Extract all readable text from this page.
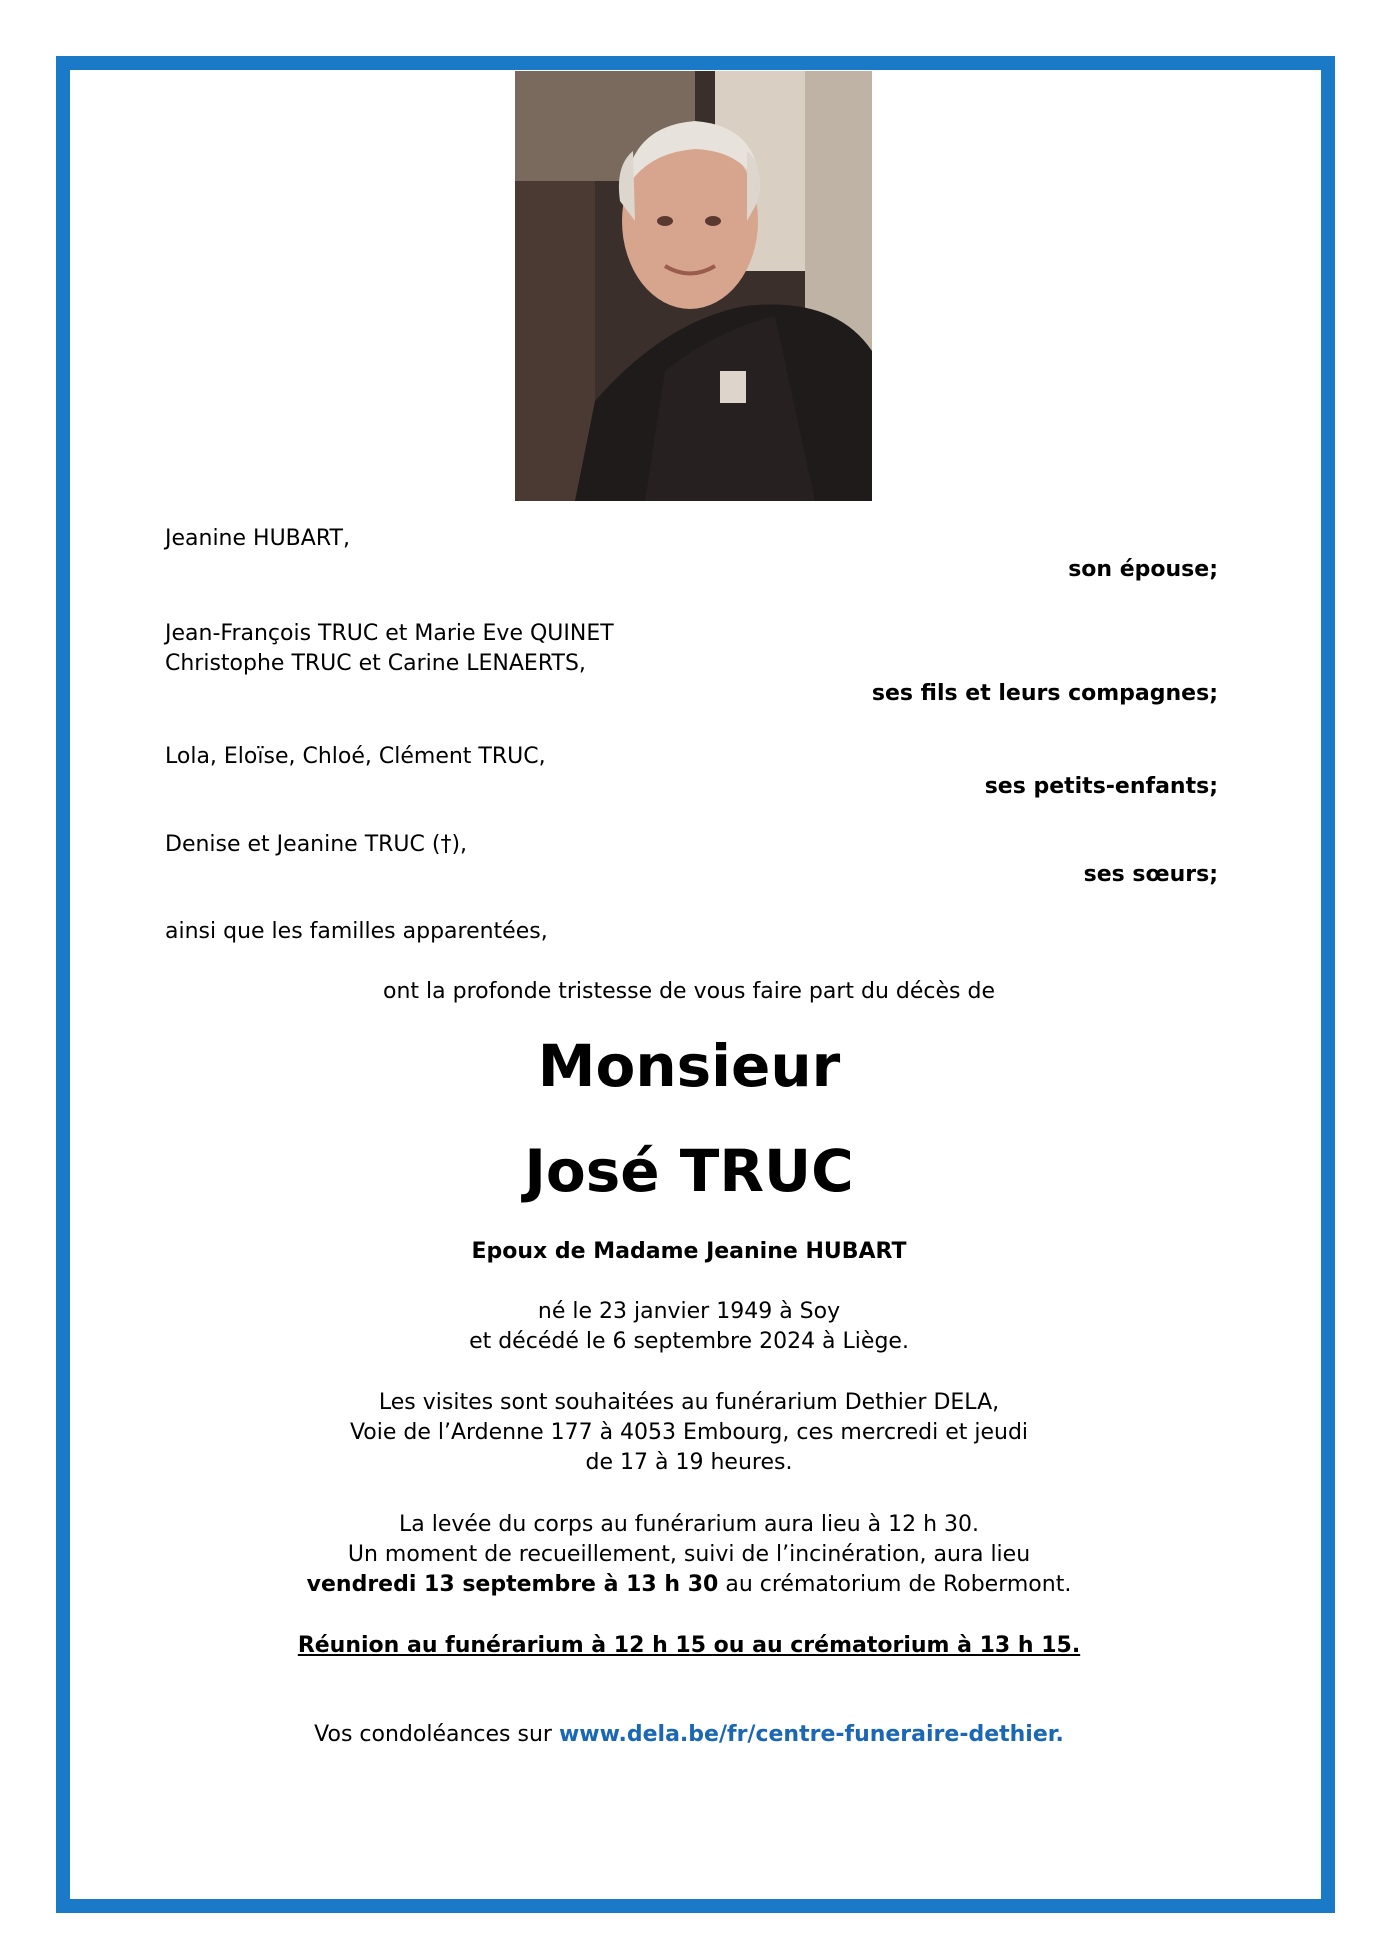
Jeanine HUBART,
son épouse;
Jean-François TRUC et Marie Eve QUINET
Christophe TRUC et Carine LENAERTS,
ses fils et leurs compagnes;
Lola, Eloïse, Chloé, Clément TRUC,
ses petits-enfants;
Denise et Jeanine TRUC (†),
ses sœurs;
ainsi que les familles apparentées,
ont la profonde tristesse de vous faire part du décès de
Monsieur
José TRUC
Epoux de Madame Jeanine HUBART
né le 23 janvier 1949 à Soy
et décédé le 6 septembre 2024 à Liège.
Les visites sont souhaitées au funérarium Dethier DELA,
Voie de l’Ardenne 177 à 4053 Embourg, ces mercredi et jeudi
de 17 à 19 heures.
La levée du corps au funérarium aura lieu à 12 h 30.
Un moment de recueillement, suivi de l’incinération, aura lieu
vendredi 13 septembre à 13 h 30 au crématorium de Robermont.
Réunion au funérarium à 12 h 15 ou au crématorium à 13 h 15.
Vos condoléances sur www.dela.be/fr/centre-funeraire-dethier.
